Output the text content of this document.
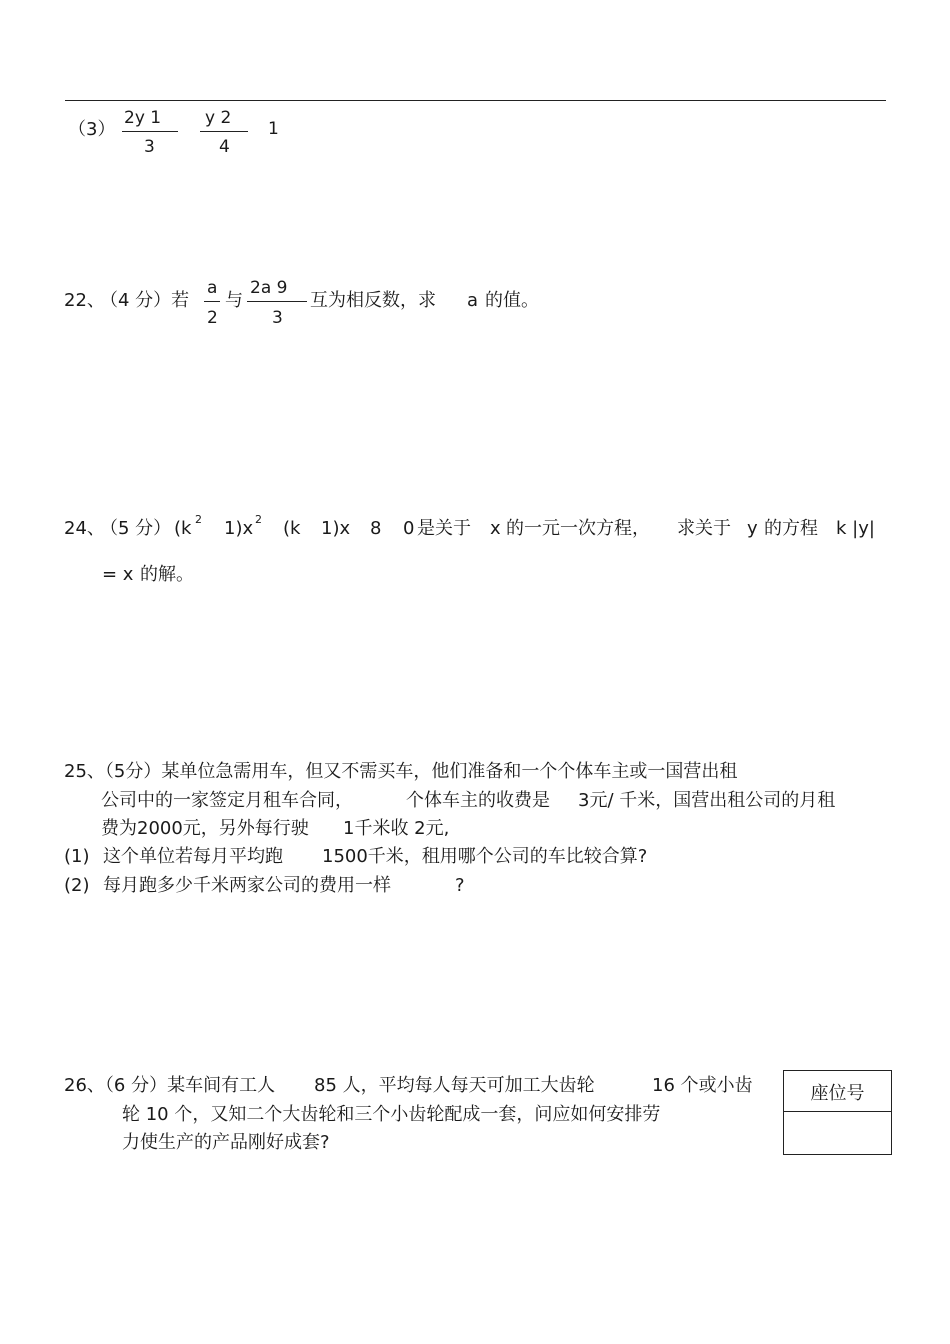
（3）
2y 1
3
y 2
4
1
22、
（4 分）若
a
2
与
2a 9
3
互为相反数，求 a 的值。
24、
（5 分） (k 2 1)x 2 (k 1)x 8 0 是关于 x 的一元一次方程， 求关于 y 的方程 k |y|
= x 的解。
25、（5分）某单位急需用车，但又不需买车，他们准备和一个个体车主或一国营出租
公司中的一家签定月租车合同，	个体车主的收费是 3元/ 千米，国营出租公司的月租
费为2000元，另外每行驶 1千米收 2元,
(1) 这个单位若每月平均跑 1500千米，租用哪个公司的车比较合算?
(2) 每月跑多少千米两家公司的费用一样	?
26、（6 分）某车间有工人 85 人，平均每人每天可加工大齿轮	16 个或小齿
轮 10 个，又知二个大齿轮和三个小齿轮配成一套，问应如何安排劳
力使生产的产品刚好成套?
座位号
